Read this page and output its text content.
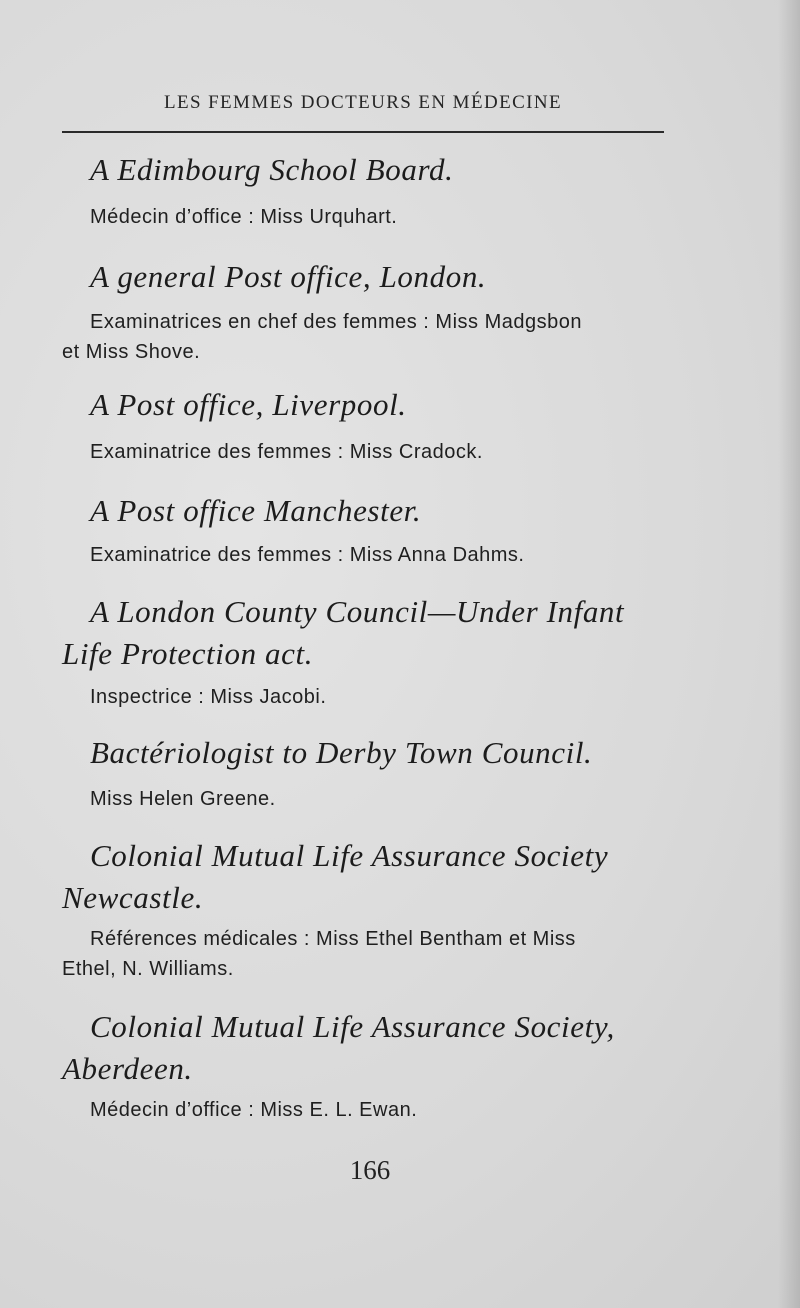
LES FEMMES DOCTEURS EN MÉDECINE
A Edimbourg School Board.
Médecin d’office : Miss Urquhart.
A general Post office, London.
Examinatrices en chef des femmes : Miss Madgsbon
et Miss Shove.
A Post office, Liverpool.
Examinatrice des femmes : Miss Cradock.
A Post office Manchester.
Examinatrice des femmes : Miss Anna Dahms.
A London County Council—Under Infant
Life Protection act.
Inspectrice : Miss Jacobi.
Bactériologist to Derby Town Council.
Miss Helen Greene.
Colonial Mutual Life Assurance Society
Newcastle.
Références médicales : Miss Ethel Bentham et Miss
Ethel, N. Williams.
Colonial Mutual Life Assurance Society,
Aberdeen.
Médecin d’office : Miss E. L. Ewan.
166
